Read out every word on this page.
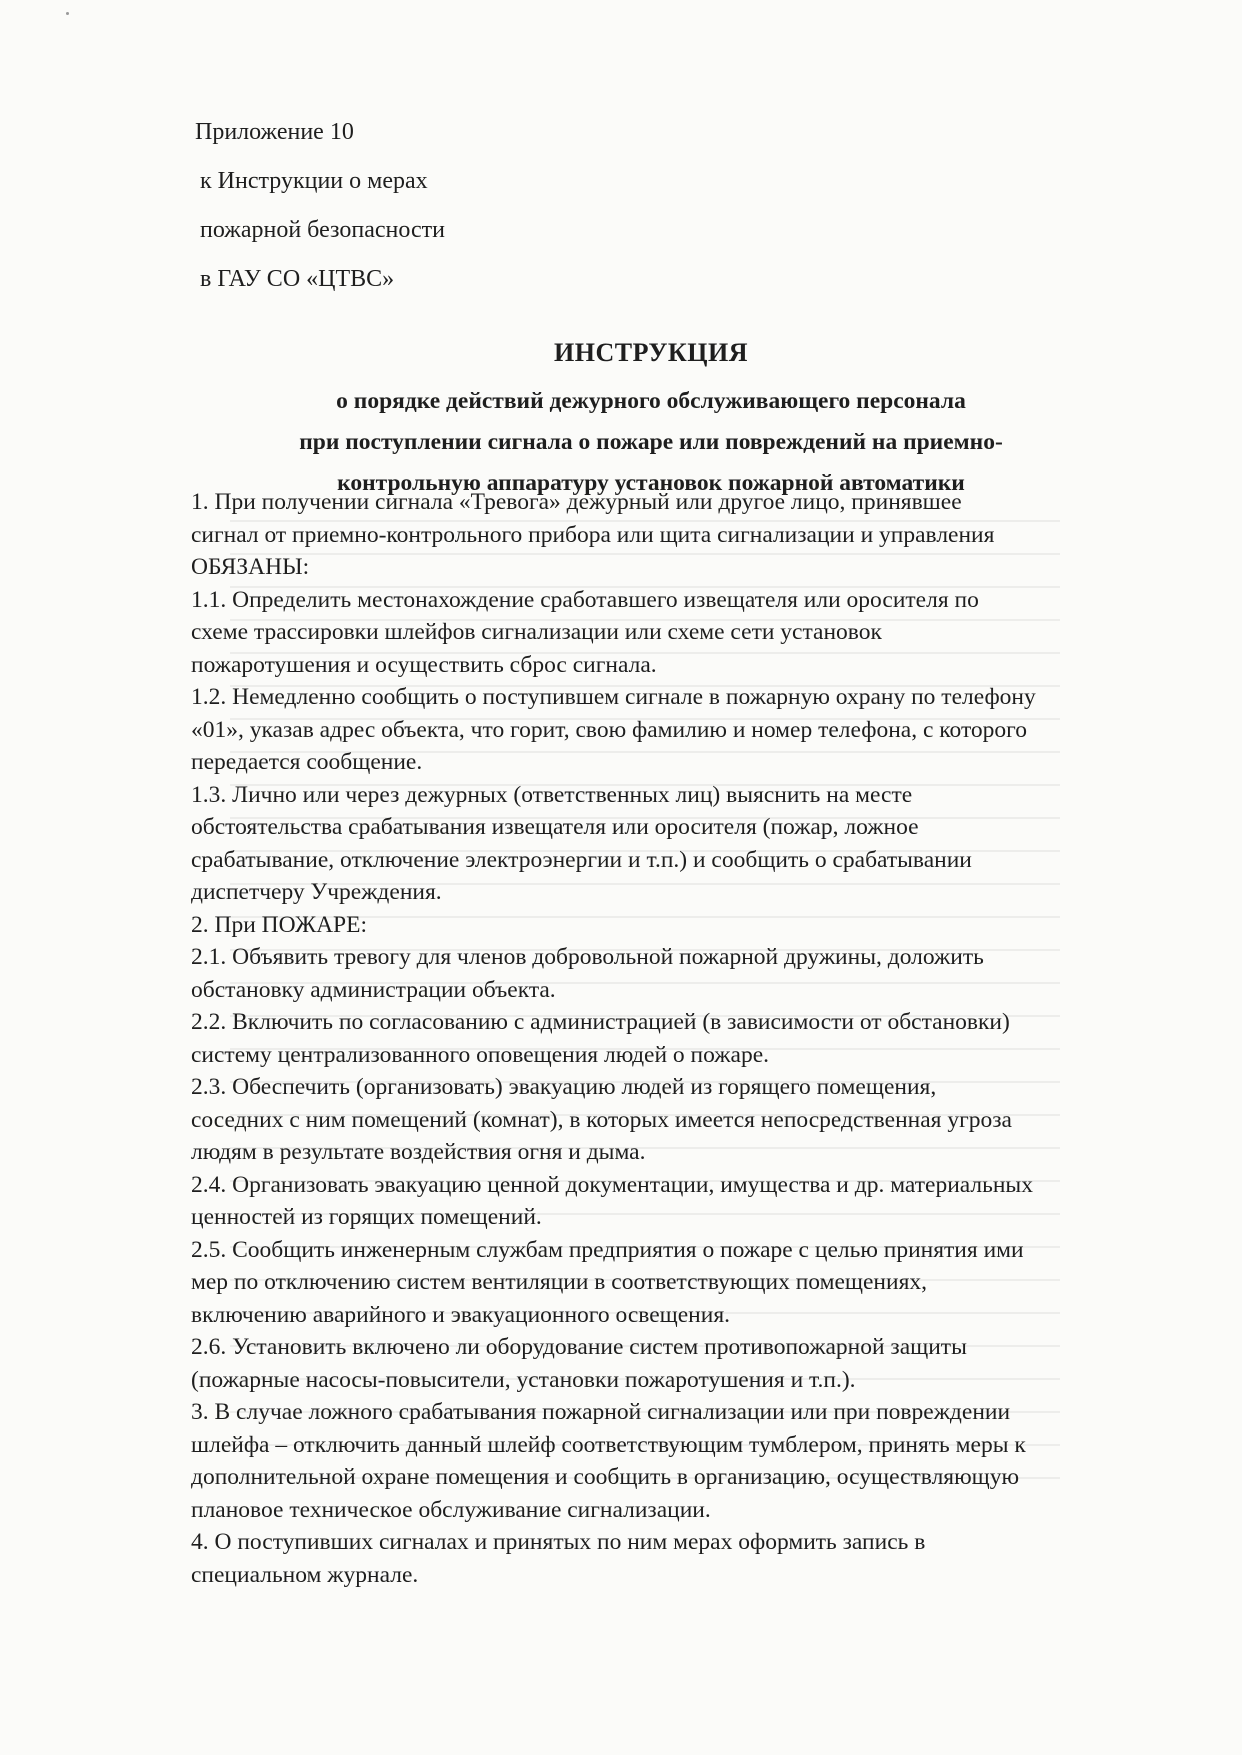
Приложение 10
к Инструкции о мерах
пожарной безопасности
в ГАУ СО «ЦТВС»
ИНСТРУКЦИЯ
о порядке действий дежурного обслуживающего персонала
при поступлении сигнала о пожаре или повреждений на приемно-
контрольную аппаратуру установок пожарной автоматики
1. При получении сигнала «Тревога» дежурный или другое лицо, принявшее
сигнал от приемно-контрольного прибора или щита сигнализации и управления
ОБЯЗАНЫ:
1.1. Определить местонахождение сработавшего извещателя или оросителя по
схеме трассировки шлейфов сигнализации или схеме сети установок
пожаротушения и осуществить сброс сигнала.
1.2. Немедленно сообщить о поступившем сигнале в пожарную охрану по телефону
«01», указав адрес объекта, что горит, свою фамилию и номер телефона, с которого
передается сообщение.
1.3. Лично или через дежурных (ответственных лиц) выяснить на месте
обстоятельства срабатывания извещателя или оросителя (пожар, ложное
срабатывание, отключение электроэнергии и т.п.) и сообщить о срабатывании
диспетчеру Учреждения.
2. При ПОЖАРЕ:
2.1. Объявить тревогу для членов добровольной пожарной дружины, доложить
обстановку администрации объекта.
2.2. Включить по согласованию с администрацией (в зависимости от обстановки)
систему централизованного оповещения людей о пожаре.
2.3. Обеспечить (организовать) эвакуацию людей из горящего помещения,
соседних с ним помещений (комнат), в которых имеется непосредственная угроза
людям в результате воздействия огня и дыма.
2.4. Организовать эвакуацию ценной документации, имущества и др. материальных
ценностей из горящих помещений.
2.5. Сообщить инженерным службам предприятия о пожаре с целью принятия ими
мер по отключению систем вентиляции в соответствующих помещениях,
включению аварийного и эвакуационного освещения.
2.6. Установить включено ли оборудование систем противопожарной защиты
(пожарные насосы-повысители, установки пожаротушения и т.п.).
3. В случае ложного срабатывания пожарной сигнализации или при повреждении
шлейфа – отключить данный шлейф соответствующим тумблером, принять меры к
дополнительной охране помещения и сообщить в организацию, осуществляющую
плановое техническое обслуживание сигнализации.
4. О поступивших сигналах и принятых по ним мерах оформить запись в
специальном журнале.
